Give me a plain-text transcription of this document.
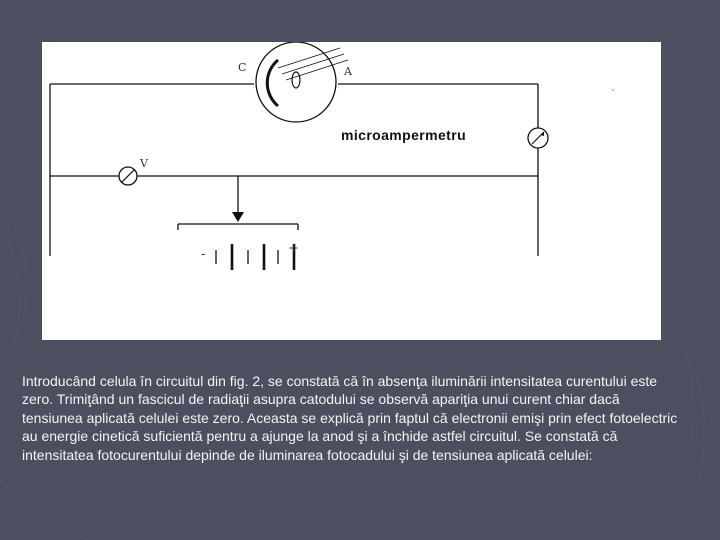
C	A
microampermetru
V
-	+
Introducând celula în circuitul din fig. 2, se constată că în absenţa iluminării intensitatea curentului este zero. Trimiţând un fascicul de radiaţii asupra catodului se observă apariţia unui curent chiar dacă tensiunea aplicată celulei este zero. Aceasta se explică prin faptul că electronii emişi prin efect fotoelectric au energie cinetică suficientă pentru a ajunge la anod şi a închide astfel circuitul. Se constată că intensitatea fotocurentului depinde de iluminarea fotocadului şi de tensiunea aplicată celulei:
